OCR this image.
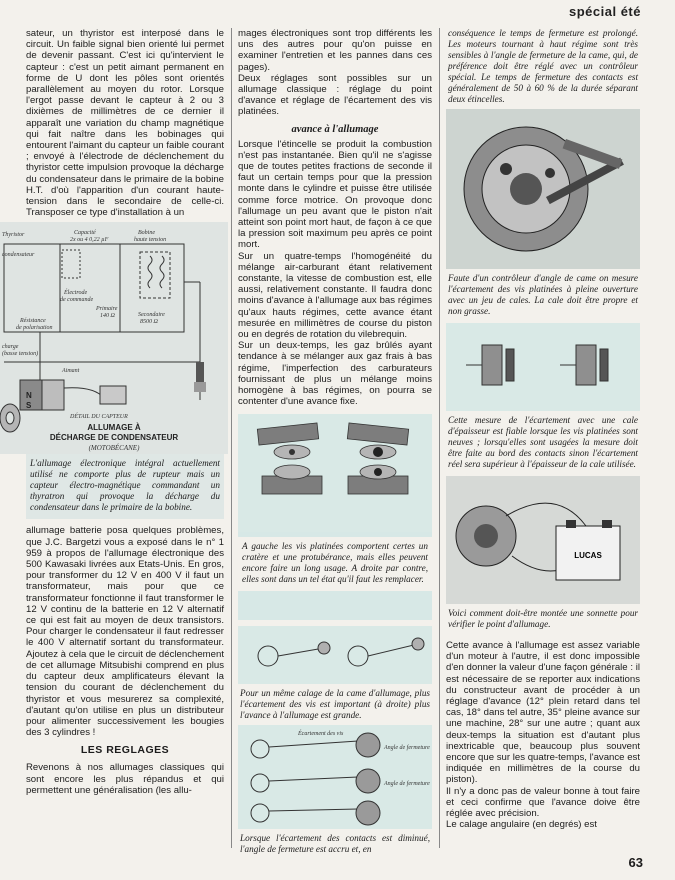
spécial été

sateur, un thyristor est interposé dans le circuit. Un faible signal bien orienté lui permet de devenir passant. C'est ici qu'intervient le capteur : c'est un petit aimant permanent en forme de U dont les pôles sont orientés parallèlement au moyen du rotor. Lorsque l'ergot passe devant le capteur à 2 ou 3 dixièmes de millimètres de ce dernier il apparaît une variation du champ magnétique qui fait naître dans les bobinages qui entourent l'aimant du capteur un faible courant ; envoyé à l'électrode de déclenchement du thyristor cette impulsion provoque la décharge du condensateur dans le primaire de la bobine H.T. d'où l'apparition d'un courant haute-tension dans le secondaire de celle-ci. Transposer ce type d'installation à un

Thyristor	Capacité
2x ou 4 0,22 µF
Bobine
haute tension
condensateur
Électrode
de commande
Primaire
140 Ω	Secondaire
8500 Ω
Résistance
de polarisation
charge
(basse tension)
Aimant
DÉTAIL DU CAPTEUR
N
S
ALLUMAGE À
DÉCHARGE DE CONDENSATEUR
(MOTOBÉCANE)

L'allumage électronique intégral actuellement utilisé ne comporte plus de rupteur mais un capteur électro-magnétique commandant un thyratron qui provoque la décharge du condensateur dans le primaire de la bobine.

allumage batterie posa quelques problèmes, que J.C. Bargetzi vous a exposé dans le n° 1 959 à propos de l'allumage électronique des 500 Kawasaki livrées aux Etats-Unis. En gros, pour transformer du 12 V en 400 V il faut un transformateur, mais pour que ce transformateur fonctionne il faut transformer le 12 V continu de la batterie en 12 V alternatif ce qui est fait au moyen de deux transistors. Pour charger le condensateur il faut redresser le 400 V alternatif sortant du transformateur. Ajoutez à cela que le circuit de déclenchement de cet allumage Mitsubishi comprend en plus du capteur deux amplificateurs élevant la tension du courant de déclenchement du thyristor et vous mesurerez sa complexité, d'autant qu'on utilise en plus un distributeur pour alimenter successivement les bougies des 3 cylindres !

LES REGLAGES

Revenons à nos allumages classiques qui sont encore les plus répandus et qui permettent une généralisation (les allu-

mages électroniques sont trop différents les uns des autres pour qu'on puisse en examiner l'entretien et les pannes dans ces pages).

Deux réglages sont possibles sur un allumage classique : réglage du point d'avance et réglage de l'écartement des vis platinées.

avance à l'allumage

Lorsque l'étincelle se produit la combustion n'est pas instantanée. Bien qu'il ne s'agisse que de toutes petites fractions de seconde il faut un certain temps pour que la pression monte dans le cylindre et puisse être utilisée comme force motrice. On provoque donc l'allumage un peu avant que le piston n'ait atteint son point mort haut, de façon à ce que la pression soit maximum peu après ce point mort.

Sur un quatre-temps l'homogénéité du mélange air-carburant étant relativement constante, la vitesse de combustion est, elle aussi, relativement constante. Il faudra donc moins d'avance à l'allumage aux bas régimes qu'aux hauts régimes, cette avance étant mesurée en millimètres de course du piston ou en degrés de rotation du vilebrequin.

Sur un deux-temps, les gaz brûlés ayant tendance à se mélanger aux gaz frais à bas régime, l'imperfection des carburateurs fournissant de plus un mélange moins homogène à bas régimes, on pourra se contenter d'une avance fixe.

A gauche les vis platinées comportent certes un cratère et une protubérance, mais elles peuvent encore faire un long usage. A droite par contre, elles sont dans un tel état qu'il faut les remplacer.

Pour un même calage de la came d'allumage, plus l'écartement des vis est important (à droite) plus l'avance à l'allumage est grande.

Écartement des vis
Angle de fermeture
Angle de fermeture

Lorsque l'écartement des contacts est diminué, l'angle de fermeture est accru et, en

conséquence le temps de fermeture est prolongé. Les moteurs tournant à haut régime sont très sensibles à l'angle de fermeture de la came, qui, de préférence doit être réglé avec un contrôleur spécial. Le temps de fermeture des contacts est généralement de 50 à 60 % de la durée séparant deux étincelles.

Faute d'un contrôleur d'angle de came on mesure l'écartement des vis platinées à pleine ouverture avec un jeu de cales. La cale doit être propre et non grasse.

Cette mesure de l'écartement avec une cale d'épaisseur est fiable lorsque les vis platinées sont neuves ; lorsqu'elles sont usagées la mesure doit être faite au bord des contacts sinon l'écartement réel sera supérieur à l'épaisseur de la cale utilisée.

LUCAS

Voici comment doit-être montée une sonnette pour vérifier le point d'allumage.

Cette avance à l'allumage est assez variable d'un moteur à l'autre, il est donc impossible d'en donner la valeur d'une façon générale : il est nécessaire de se reporter aux indications du constructeur avant de procéder à un réglage d'avance (12° plein retard dans tel cas, 18° dans tel autre, 35° pleine avance sur une machine, 28° sur une autre ; quant aux deux-temps la situation est d'autant plus inextricable que, beaucoup plus souvent encore que sur les quatre-temps, l'avance est indiquée en millimètres de la course du piston).

Il n'y a donc pas de valeur bonne à tout faire et ceci confirme que l'avance doive être réglée avec précision.

Le calage angulaire (en degrés) est

63
